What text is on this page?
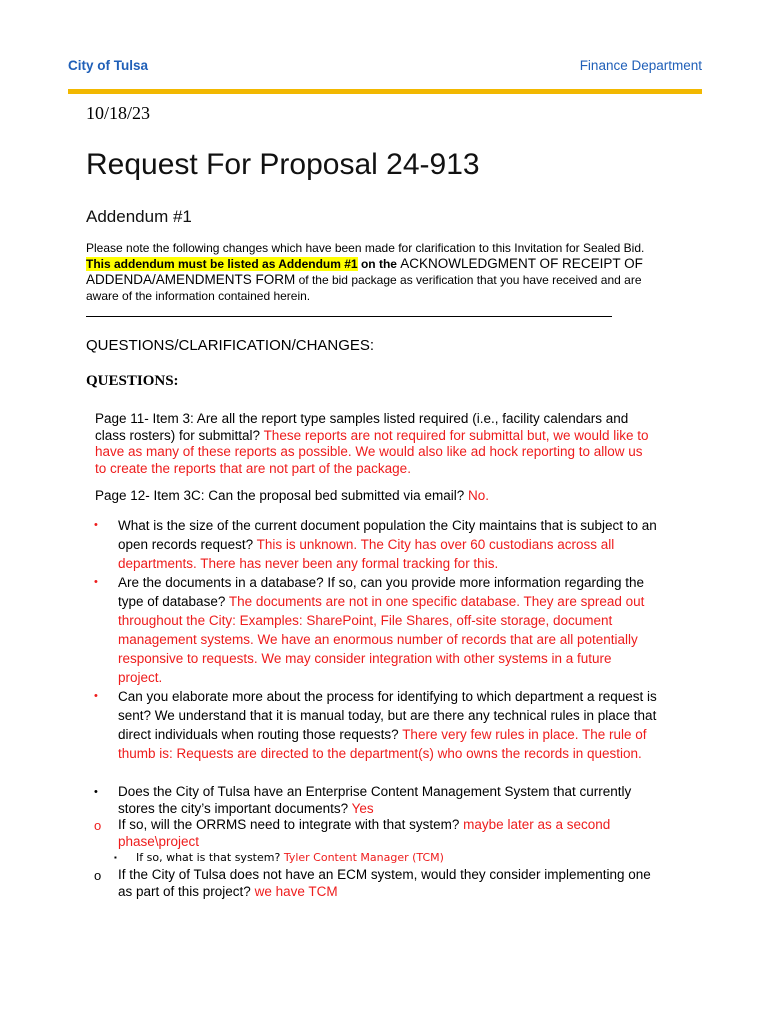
City of Tulsa	Finance Department
10/18/23
Request For Proposal 24-913
Addendum #1
Please note the following changes which have been made for clarification to this Invitation for Sealed Bid. This addendum must be listed as Addendum #1 on the ACKNOWLEDGMENT OF RECEIPT OF ADDENDA/AMENDMENTS FORM of the bid package as verification that you have received and are aware of the information contained herein.
QUESTIONS/CLARIFICATION/CHANGES:
QUESTIONS:
Page 11- Item 3: Are all the report type samples listed required (i.e., facility calendars and class rosters) for submittal? These reports are not required for submittal but, we would like to have as many of these reports as possible. We would also like ad hock reporting to allow us to create the reports that are not part of the package.
Page 12- Item 3C: Can the proposal bed submitted via email? No.
• What is the size of the current document population the City maintains that is subject to an open records request? This is unknown. The City has over 60 custodians across all departments. There has never been any formal tracking for this.
• Are the documents in a database? If so, can you provide more information regarding the type of database? The documents are not in one specific database. They are spread out throughout the City: Examples: SharePoint, File Shares, off-site storage, document management systems. We have an enormous number of records that are all potentially responsive to requests. We may consider integration with other systems in a future project.
• Can you elaborate more about the process for identifying to which department a request is sent? We understand that it is manual today, but are there any technical rules in place that direct individuals when routing those requests? There very few rules in place. The rule of thumb is: Requests are directed to the department(s) who owns the records in question.
• Does the City of Tulsa have an Enterprise Content Management System that currently stores the city’s important documents? Yes
o If so, will the ORRMS need to integrate with that system? maybe later as a second phase\project
▪ If so, what is that system? Tyler Content Manager (TCM)
o If the City of Tulsa does not have an ECM system, would they consider implementing one as part of this project? we have TCM
